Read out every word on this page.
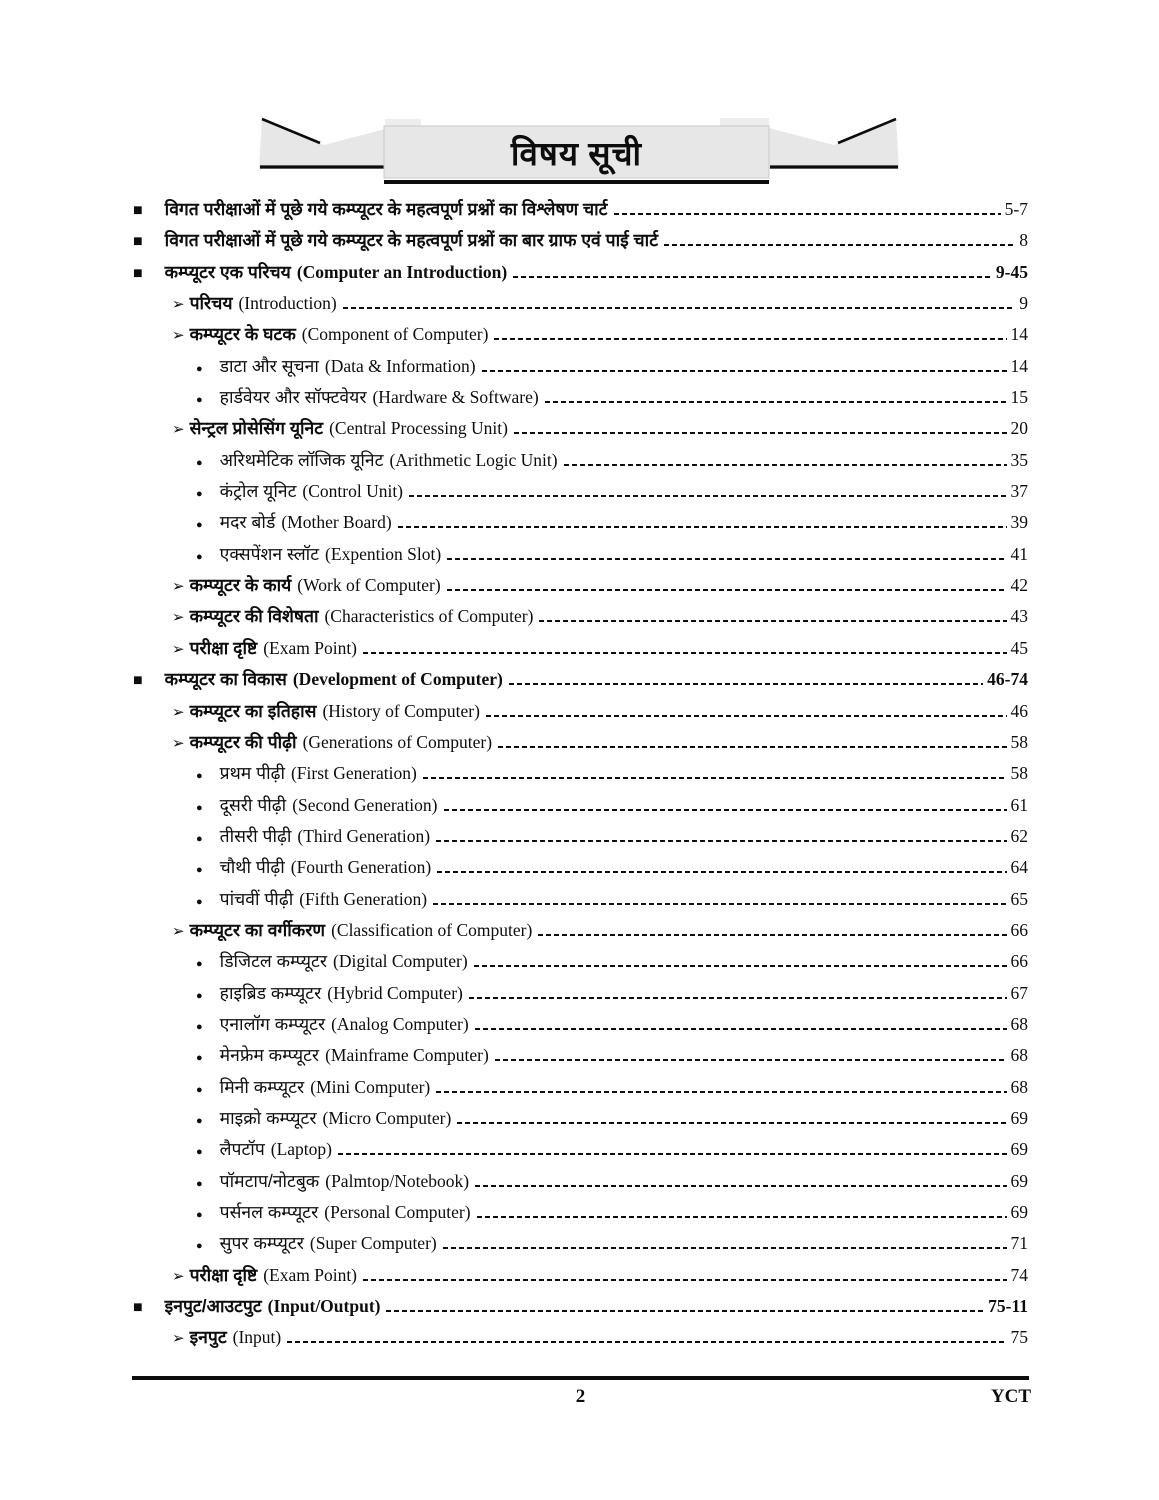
विषय सूची
■ विगत परीक्षाओं में पूछे गये कम्प्यूटर के महत्वपूर्ण प्रश्नों का विश्लेषण चार्ट	5-7
■ विगत परीक्षाओं में पूछे गये कम्प्यूटर के महत्वपूर्ण प्रश्नों का बार ग्राफ एवं पाई चार्ट	8
■ कम्प्यूटर एक परिचय (Computer an Introduction)	9-45
➢ परिचय (Introduction)	9
➢ कम्प्यूटर के घटक (Component of Computer)	14
● डाटा और सूचना (Data & Information)	14
● हार्डवेयर और सॉफ्टवेयर (Hardware & Software)	15
➢ सेन्ट्रल प्रोसेसिंग यूनिट (Central Processing Unit)	20
● अरिथमेटिक लॉजिक यूनिट (Arithmetic Logic Unit)	35
● कंट्रोल यूनिट (Control Unit)	37
● मदर बोर्ड (Mother Board)	39
● एक्सपेंशन स्लॉट (Expention Slot)	41
➢ कम्प्यूटर के कार्य (Work of Computer)	42
➢ कम्प्यूटर की विशेषता (Characteristics of Computer)	43
➢ परीक्षा दृष्टि (Exam Point)	45
■ कम्प्यूटर का विकास (Development of Computer)	46-74
➢ कम्प्यूटर का इतिहास (History of Computer)	46
➢ कम्प्यूटर की पीढ़ी (Generations of Computer)	58
● प्रथम पीढ़ी (First Generation)	58
● दूसरी पीढ़ी (Second Generation)	61
● तीसरी पीढ़ी (Third Generation)	62
● चौथी पीढ़ी (Fourth Generation)	64
● पांचवीं पीढ़ी (Fifth Generation)	65
➢ कम्प्यूटर का वर्गीकरण (Classification of Computer)	66
● डिजिटल कम्प्यूटर (Digital Computer)	66
● हाइब्रिड कम्प्यूटर (Hybrid Computer)	67
● एनालॉग कम्प्यूटर (Analog Computer)	68
● मेनफ्रेम कम्प्यूटर (Mainframe Computer)	68
● मिनी कम्प्यूटर (Mini Computer)	68
● माइक्रो कम्प्यूटर (Micro Computer)	69
● लैपटॉप (Laptop)	69
● पॉमटाप/नोटबुक (Palmtop/Notebook)	69
● पर्सनल कम्प्यूटर (Personal Computer)	69
● सुपर कम्प्यूटर (Super Computer)	71
➢ परीक्षा दृष्टि (Exam Point)	74
■ इनपुट/आउटपुट (Input/Output)	75-11
➢ इनपुट (Input)	75
2	YCT
